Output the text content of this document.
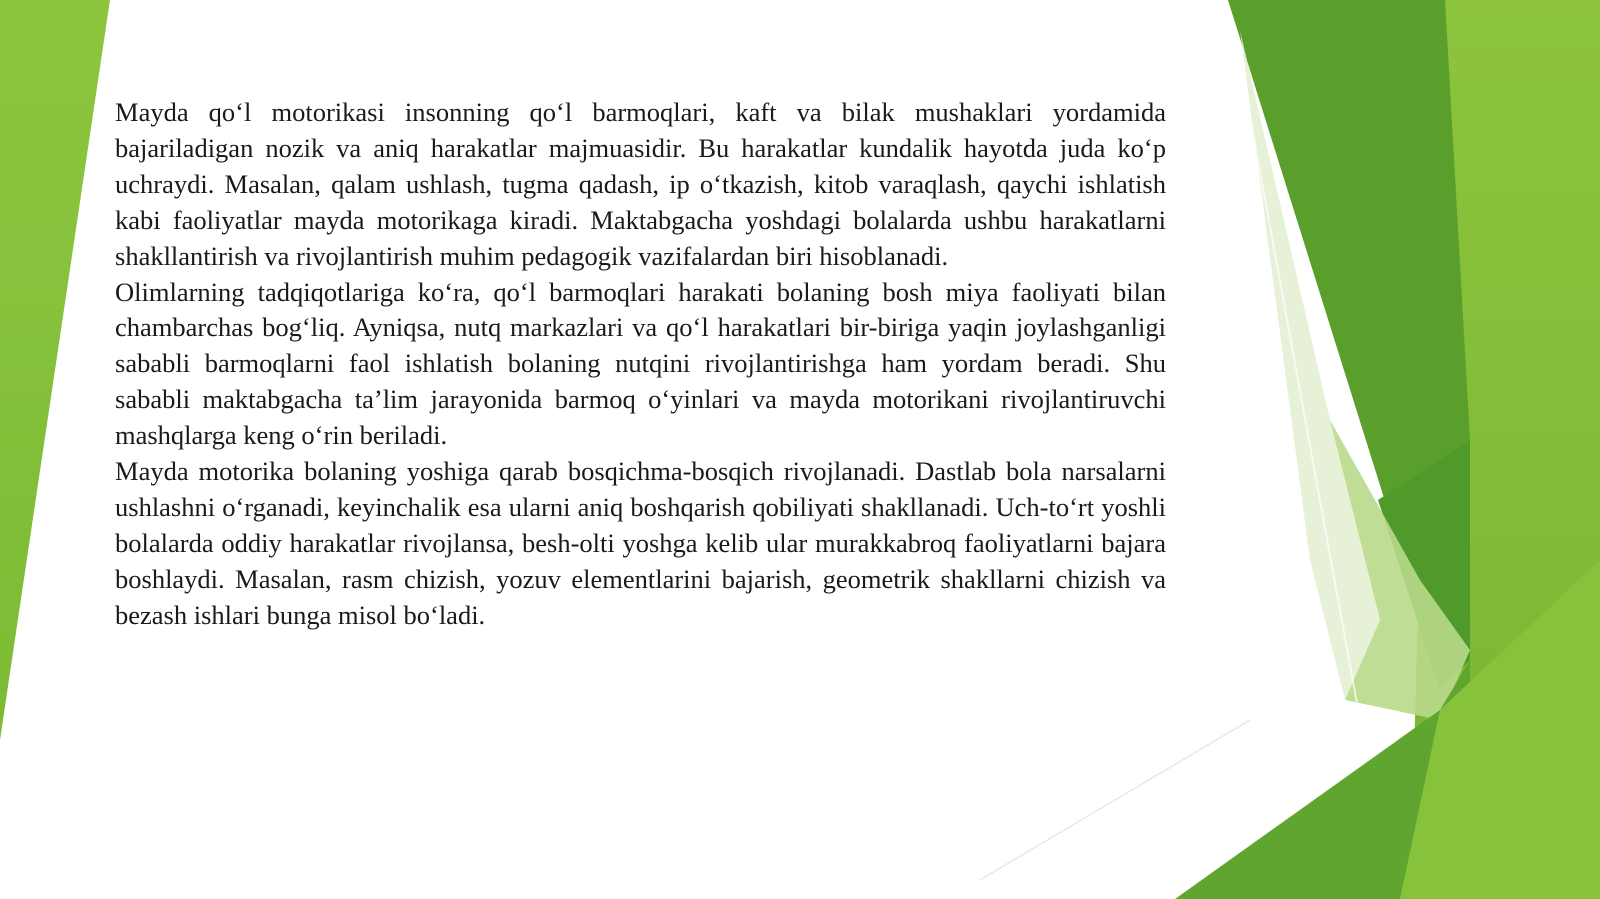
Mayda qo‘l motorikasi insonning qo‘l barmoqlari, kaft va bilak mushaklari yordamida bajariladigan nozik va aniq harakatlar majmuasidir. Bu harakatlar kundalik hayotda juda ko‘p uchraydi. Masalan, qalam ushlash, tugma qadash, ip o‘tkazish, kitob varaqlash, qaychi ishlatish kabi faoliyatlar mayda motorikaga kiradi. Maktabgacha yoshdagi bolalarda ushbu harakatlarni shakllantirish va rivojlantirish muhim pedagogik vazifalardan biri hisoblanadi.

Olimlarning tadqiqotlariga ko‘ra, qo‘l barmoqlari harakati bolaning bosh miya faoliyati bilan chambarchas bog‘liq. Ayniqsa, nutq markazlari va qo‘l harakatlari bir-biriga yaqin joylashganligi sababli barmoqlarni faol ishlatish bolaning nutqini rivojlantirishga ham yordam beradi. Shu sababli maktabgacha ta’lim jarayonida barmoq o‘yinlari va mayda motorikani rivojlantiruvchi mashqlarga keng o‘rin beriladi.

Mayda motorika bolaning yoshiga qarab bosqichma-bosqich rivojlanadi. Dastlab bola narsalarni ushlashni o‘rganadi, keyinchalik esa ularni aniq boshqarish qobiliyati shakllanadi. Uch-to‘rt yoshli bolalarda oddiy harakatlar rivojlansa, besh-olti yoshga kelib ular murakkabroq faoliyatlarni bajara boshlaydi. Masalan, rasm chizish, yozuv elementlarini bajarish, geometrik shakllarni chizish va bezash ishlari bunga misol bo‘ladi.
